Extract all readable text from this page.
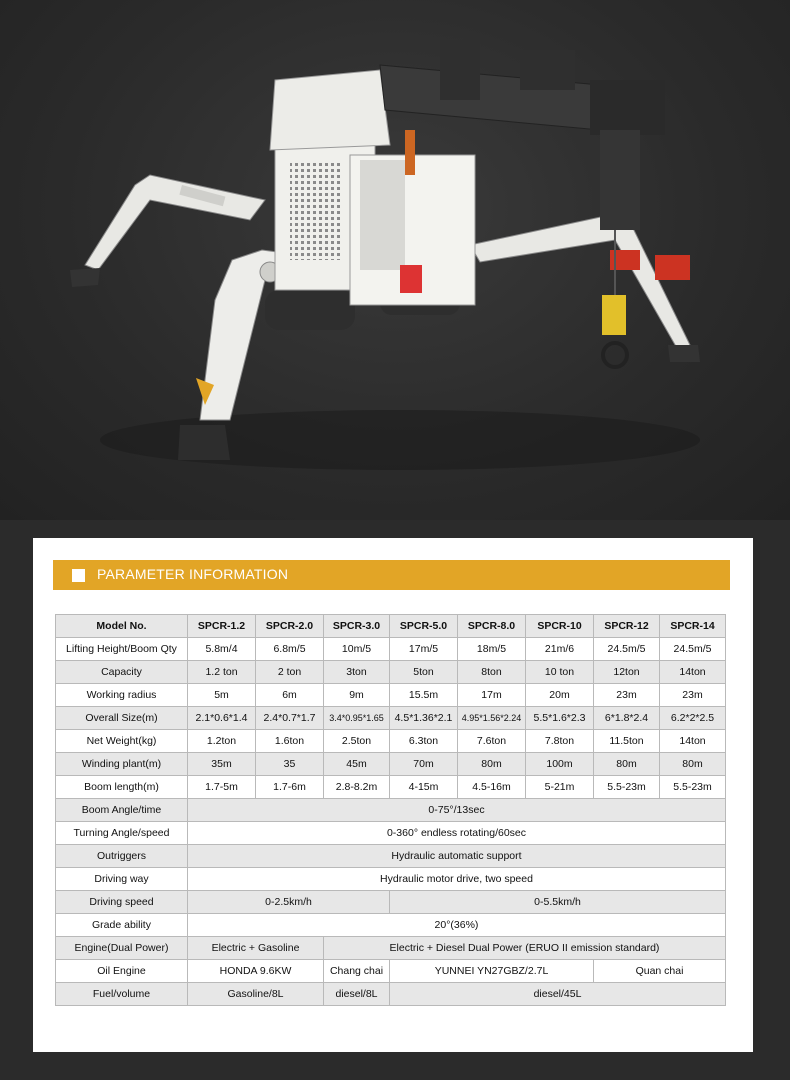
PARAMETER INFORMATION
Model No.	SPCR-1.2	SPCR-2.0	SPCR-3.0	SPCR-5.0	SPCR-8.0	SPCR-10	SPCR-12	SPCR-14
Lifting Height/Boom Qty	5.8m/4	6.8m/5	10m/5	17m/5	18m/5	21m/6	24.5m/5	24.5m/5
Capacity	1.2 ton	2 ton	3ton	5ton	8ton	10 ton	12ton	14ton
Working radius	5m	6m	9m	15.5m	17m	20m	23m	23m
Overall Size(m)	2.1*0.6*1.4	2.4*0.7*1.7	3.4*0.95*1.65	4.5*1.36*2.1	4.95*1.56*2.24	5.5*1.6*2.3	6*1.8*2.4	6.2*2*2.5
Net Weight(kg)	1.2ton	1.6ton	2.5ton	6.3ton	7.6ton	7.8ton	11.5ton	14ton
Winding plant(m)	35m	35	45m	70m	80m	100m	80m	80m
Boom length(m)	1.7-5m	1.7-6m	2.8-8.2m	4-15m	4.5-16m	5-21m	5.5-23m	5.5-23m
Boom Angle/time	0-75°/13sec							
Turning Angle/speed	0-360° endless rotating/60sec							
Outriggers	Hydraulic automatic support							
Driving way	Hydraulic motor drive, two speed							
Driving speed	0-2.5km/h			0-5.5km/h				
Grade ability	20°(36%)							
Engine(Dual Power)	Electric + Gasoline		Electric + Diesel Dual Power (ERUO II emission standard)					
Oil Engine	HONDA 9.6KW		Chang chai	YUNNEI YN27GBZ/2.7L			Quan chai	
Fuel/volume	Gasoline/8L		diesel/8L	diesel/45L				
